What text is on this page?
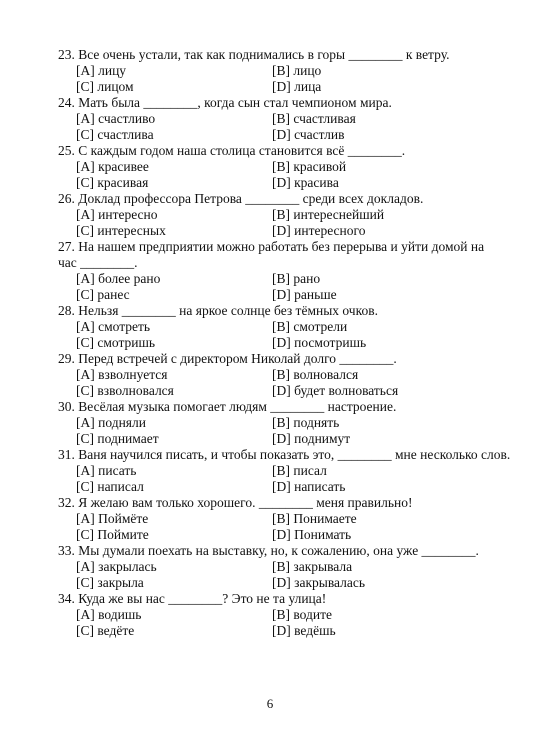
23. Все очень устали, так как поднимались в горы ________ к ветру.
[A] лицу	[B] лицо
[C] лицом	[D] лица
24. Мать была ________, когда сын стал чемпионом мира.
[A] счастливо	[B] счастливая
[C] счастлива	[D] счастлив
25. С каждым годом наша столица становится всё ________.
[A] красивее	[B] красивой
[C] красивая	[D] красива
26. Доклад профессора Петрова ________ среди всех докладов.
[A] интересно	[B] интереснейший
[C] интересных	[D] интересного
27. На нашем предприятии можно работать без перерыва и уйти домой на час ________.
[A] более рано	[B] рано
[C] ранес	[D] раньше
28. Нельзя ________ на яркое солнце без тёмных очков.
[A] смотреть	[B] смотрели
[C] смотришь	[D] посмотришь
29. Перед встречей с директором Николай долго ________.
[A] взволнуется	[B] волновался
[C] взволновался	[D] будет волноваться
30. Весёлая музыка помогает людям ________ настроение.
[A] подняли	[B] поднять
[C] поднимает	[D] поднимут
31. Ваня научился писать, и чтобы показать это, ________ мне несколько слов.
[A] писать	[B] писал
[C] написал	[D] написать
32. Я желаю вам только хорошего. ________ меня правильно!
[A] Поймёте	[B] Понимаете
[C] Поймите	[D] Понимать
33. Мы думали поехать на выставку, но, к сожалению, она уже ________.
[A] закрылась	[B] закрывала
[C] закрыла	[D] закрывалась
34. Куда же вы нас ________? Это не та улица!
[A] водишь	[B] водите
[C] ведёте	[D] ведёшь
6
